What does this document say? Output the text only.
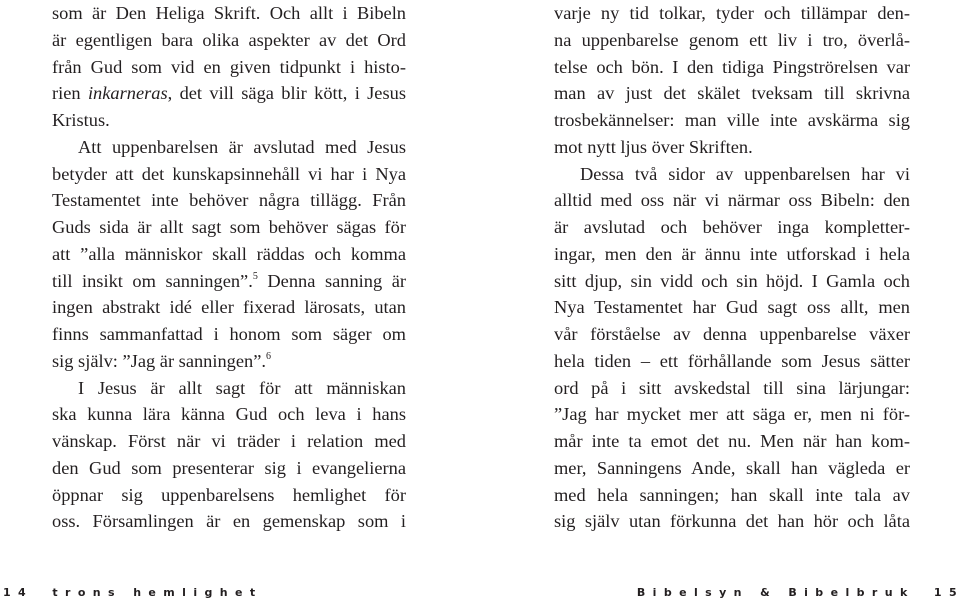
som är Den Heliga Skrift. Och allt i Bibeln
är egentligen bara olika aspekter av det Ord
från Gud som vid en given tidpunkt i histo-
rien inkarneras, det vill säga blir kött, i Jesus
Kristus.
Att uppenbarelsen är avslutad med Jesus
betyder att det kunskapsinnehåll vi har i Nya
Testamentet inte behöver några tillägg. Från
Guds sida är allt sagt som behöver sägas för
att ”alla människor skall räddas och komma
till insikt om sanningen”.$^5$ Denna sanning är
ingen abstrakt idé eller fixerad lärosats, utan
finns sammanfattad i honom som säger om
sig själv: ”Jag är sanningen”.$^6$
I Jesus är allt sagt för att människan
ska kunna lära känna Gud och leva i hans
vänskap. Först när vi träder i relation med
den Gud som presenterar sig i evangelierna
öppnar sig uppenbarelsens hemlighet för
oss. Församlingen är en gemenskap som i
varje ny tid tolkar, tyder och tillämpar den-
na uppenbarelse genom ett liv i tro, överlå-
telse och bön. I den tidiga Pingströrelsen var
man av just det skälet tveksam till skrivna
trosbekännelser: man ville inte avskärma sig
mot nytt ljus över Skriften.
Dessa två sidor av uppenbarelsen har vi
alltid med oss när vi närmar oss Bibeln: den
är avslutad och behöver inga kompletter-
ingar, men den är ännu inte utforskad i hela
sitt djup, sin vidd och sin höjd. I Gamla och
Nya Testamentet har Gud sagt oss allt, men
vår förståelse av denna uppenbarelse växer
hela tiden – ett förhållande som Jesus sätter
ord på i sitt avskedstal till sina lärjungar:
”Jag har mycket mer att säga er, men ni för-
mår inte ta emot det nu. Men när han kom-
mer, Sanningens Ande, skall han vägleda er
med hela sanningen; han skall inte tala av
sig själv utan förkunna det han hör och låta
14 trons hemlighet	Bibelsyn & Bibelbruk 15
